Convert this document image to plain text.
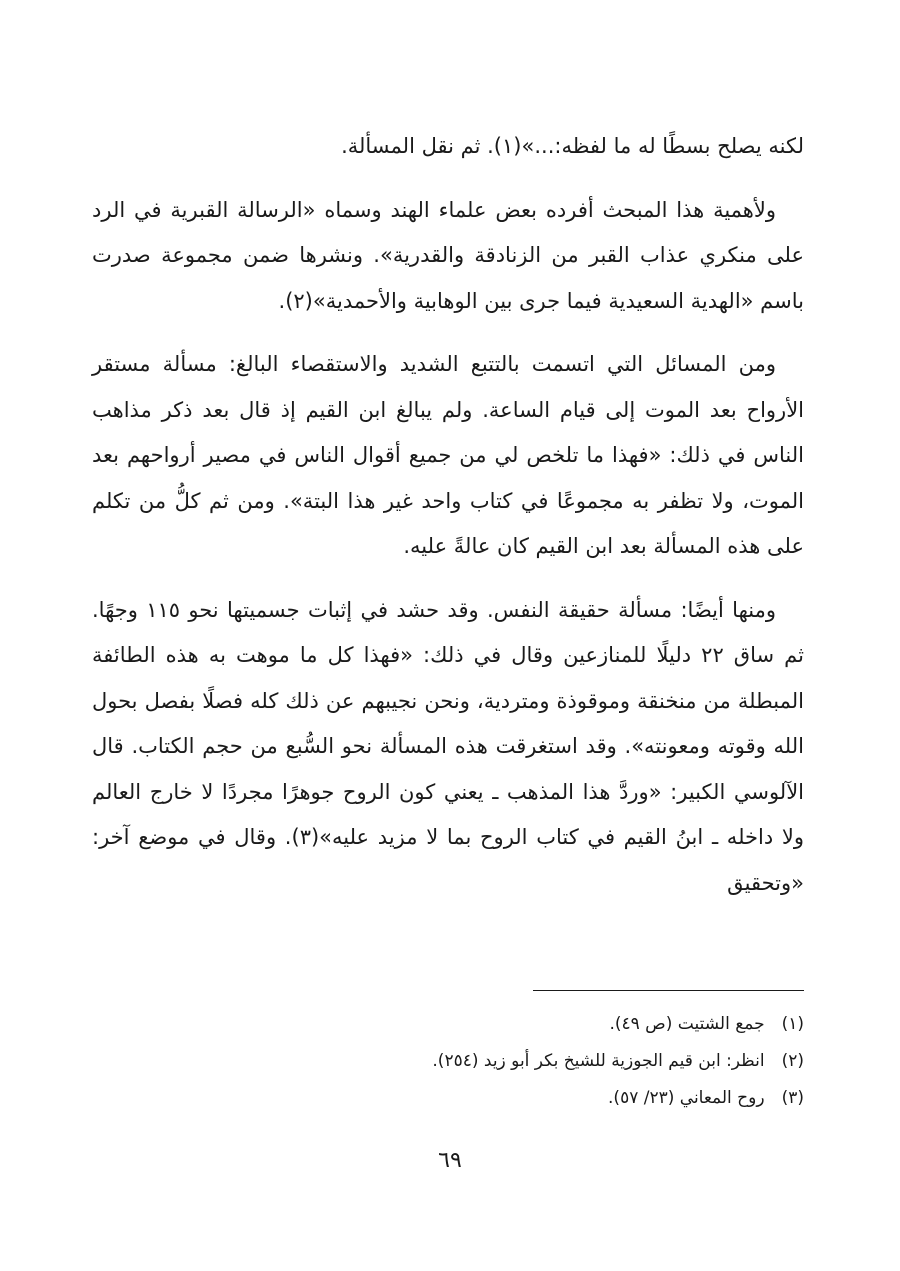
لكنه يصلح بسطًا له ما لفظه:...»(١). ثم نقل المسألة.

ولأهمية هذا المبحث أفرده بعض علماء الهند وسماه «الرسالة القبرية في الرد على منكري عذاب القبر من الزنادقة والقدرية». ونشرها ضمن مجموعة صدرت باسم «الهدية السعيدية فيما جرى بين الوهابية والأحمدية»(٢).

ومن المسائل التي اتسمت بالتتبع الشديد والاستقصاء البالغ: مسألة مستقر الأرواح بعد الموت إلى قيام الساعة. ولم يبالغ ابن القيم إذ قال بعد ذكر مذاهب الناس في ذلك: «فهذا ما تلخص لي من جميع أقوال الناس في مصير أرواحهم بعد الموت، ولا تظفر به مجموعًا في كتاب واحد غير هذا البتة». ومن ثم كلُّ من تكلم على هذه المسألة بعد ابن القيم كان عالةً عليه.

ومنها أيضًا: مسألة حقيقة النفس. وقد حشد في إثبات جسميتها نحو ١١٥ وجهًا. ثم ساق ٢٢ دليلًا للمنازعين وقال في ذلك: «فهذا كل ما موهت به هذه الطائفة المبطلة من منخنقة وموقوذة ومتردية، ونحن نجيبهم عن ذلك كله فصلًا بفصل بحول الله وقوته ومعونته». وقد استغرقت هذه المسألة نحو السُّبع من حجم الكتاب. قال الآلوسي الكبير: «وردَّ هذا المذهب ـ يعني كون الروح جوهرًا مجردًا لا خارج العالم ولا داخله ـ ابنُ القيم في كتاب الروح بما لا مزيد عليه»(٣). وقال في موضع آخر: «وتحقيق

(١) جمع الشتيت (ص ٤٩).
(٢) انظر: ابن قيم الجوزية للشيخ بكر أبو زيد (٢٥٤).
(٣) روح المعاني (٢٣/ ٥٧).
٦٩
